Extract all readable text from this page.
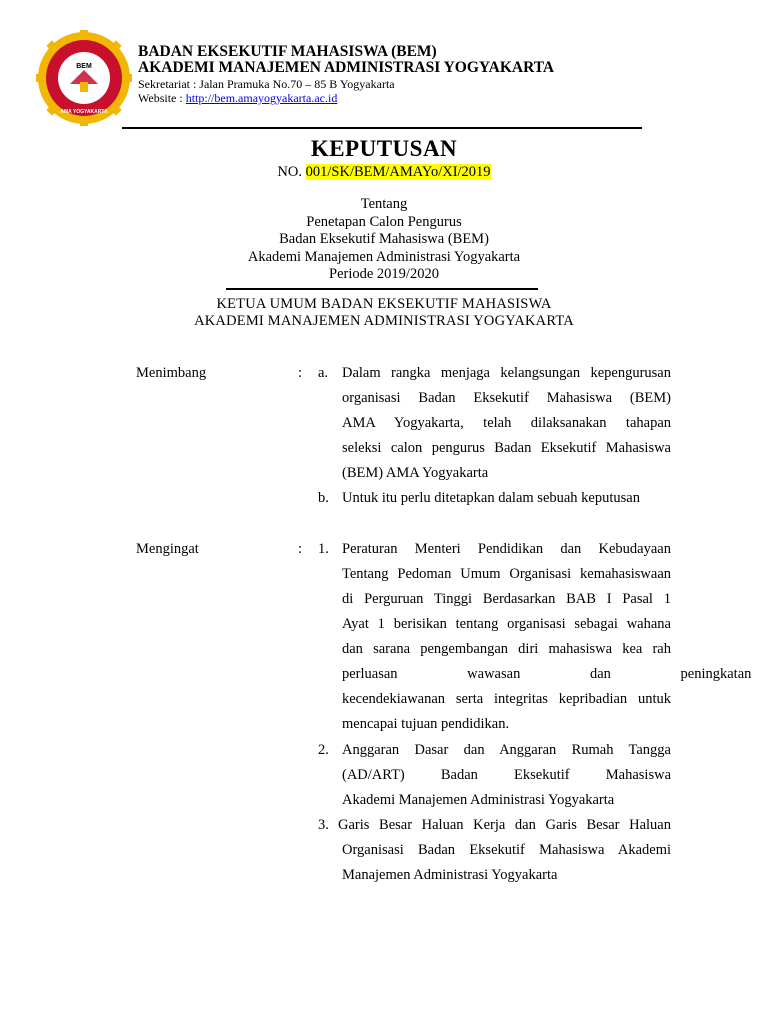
BEM
AMA YOGYAKARTA
BADAN EKSEKUTIF MAHASISWA (BEM)
AKADEMI MANAJEMEN ADMINISTRASI YOGYAKARTA
Sekretariat : Jalan Pramuka No.70 – 85 B Yogyakarta
Website : http://bem.amayogyakarta.ac.id
KEPUTUSAN
NO. 001/SK/BEM/AMAYo/XI/2019
Tentang
Penetapan Calon Pengurus
Badan Eksekutif Mahasiswa (BEM)
Akademi Manajemen Administrasi Yogyakarta
Periode 2019/2020
KETUA UMUM BADAN EKSEKUTIF MAHASISWA
AKADEMI MANAJEMEN ADMINISTRASI YOGYAKARTA
Menimbang	: a. Dalam rangka menjaga kelangsungan kepengurusan
organisasi Badan Eksekutif Mahasiswa (BEM)
AMA Yogyakarta, telah dilaksanakan tahapan
seleksi calon pengurus Badan Eksekutif Mahasiswa
(BEM) AMA Yogyakarta
b. Untuk itu perlu ditetapkan dalam sebuah keputusan
Mengingat	: 1. Peraturan Menteri Pendidikan dan Kebudayaan
Tentang Pedoman Umum Organisasi kemahasiswaan
di Perguruan Tinggi Berdasarkan BAB I Pasal 1
Ayat 1 berisikan tentang organisasi sebagai wahana
dan sarana pengembangan diri mahasiswa kea rah
perluasan wawasan dan peningkatan
kecendekiawanan serta integritas kepribadian untuk
mencapai tujuan pendidikan.
2. Anggaran Dasar dan Anggaran Rumah Tangga
(AD/ART) Badan Eksekutif Mahasiswa
Akademi Manajemen Administrasi Yogyakarta
3. Garis Besar Haluan Kerja dan Garis Besar Haluan
Organisasi Badan Eksekutif Mahasiswa Akademi
Manajemen Administrasi Yogyakarta
